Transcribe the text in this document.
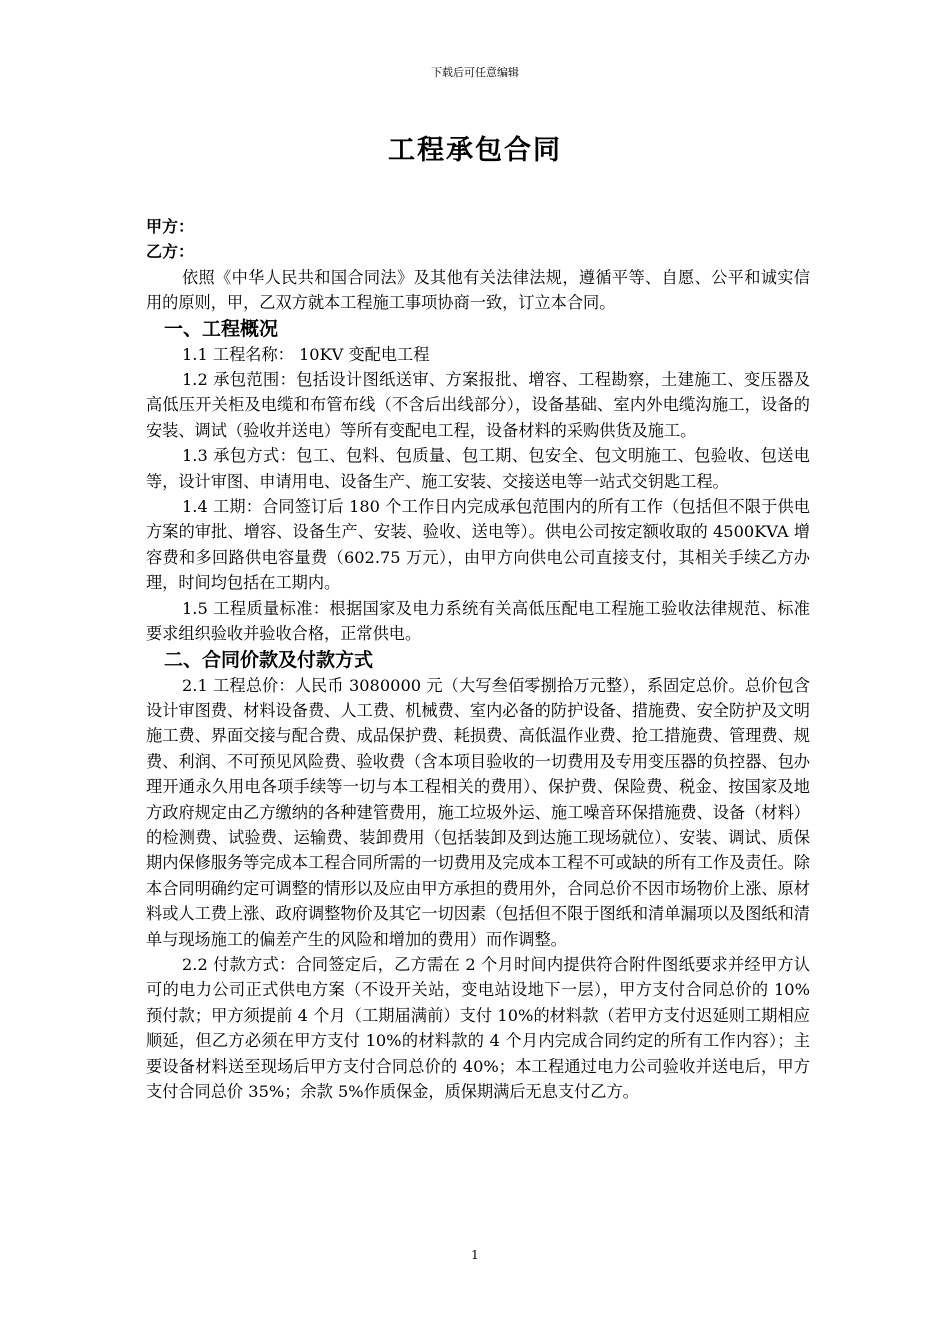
下载后可任意编辑
工程承包合同

甲方：

乙方：

依照《中华人民共和国合同法》及其他有关法律法规，遵循平等、自愿、公平和诚实信用的原则，甲，乙双方就本工程施工事项协商一致，订立本合同。

一、工程概况

1.1 工程名称： 10KV 变配电工程

1.2 承包范围：包括设计图纸送审、方案报批、增容、工程勘察，土建施工、变压器及高低压开关柜及电缆和布管布线（不含后出线部分），设备基础、室内外电缆沟施工，设备的安装、调试（验收并送电）等所有变配电工程，设备材料的采购供货及施工。

1.3 承包方式：包工、包料、包质量、包工期、包安全、包文明施工、包验收、包送电等，设计审图、申请用电、设备生产、施工安装、交接送电等一站式交钥匙工程。

1.4 工期：合同签订后 180 个工作日内完成承包范围内的所有工作（包括但不限于供电方案的审批、增容、设备生产、安装、验收、送电等）。供电公司按定额收取的 4500KVA 增容费和多回路供电容量费（602.75 万元），由甲方向供电公司直接支付，其相关手续乙方办理，时间均包括在工期内。

1.5 工程质量标准：根据国家及电力系统有关高低压配电工程施工验收法律规范、标准要求组织验收并验收合格，正常供电。

二、合同价款及付款方式

2.1 工程总价：人民币 3080000 元（大写叁佰零捌拾万元整），系固定总价。总价包含设计审图费、材料设备费、人工费、机械费、室内必备的防护设备、措施费、安全防护及文明施工费、界面交接与配合费、成品保护费、耗损费、高低温作业费、抢工措施费、管理费、规费、利润、不可预见风险费、验收费（含本项目验收的一切费用及专用变压器的负控器、包办理开通永久用电各项手续等一切与本工程相关的费用）、保护费、保险费、税金、按国家及地方政府规定由乙方缴纳的各种建管费用，施工垃圾外运、施工噪音环保措施费、设备（材料）的检测费、试验费、运输费、装卸费用（包括装卸及到达施工现场就位）、安装、调试、质保期内保修服务等完成本工程合同所需的一切费用及完成本工程不可或缺的所有工作及责任。除本合同明确约定可调整的情形以及应由甲方承担的费用外，合同总价不因市场物价上涨、原材料或人工费上涨、政府调整物价及其它一切因素（包括但不限于图纸和清单漏项以及图纸和清单与现场施工的偏差产生的风险和增加的费用）而作调整。

2.2 付款方式：合同签定后，乙方需在 2 个月时间内提供符合附件图纸要求并经甲方认可的电力公司正式供电方案（不设开关站，变电站设地下一层），甲方支付合同总价的 10%预付款；甲方须提前 4 个月（工期届满前）支付 10%的材料款（若甲方支付迟延则工期相应顺延，但乙方必须在甲方支付 10%的材料款的 4 个月内完成合同约定的所有工作内容）；主要设备材料送至现场后甲方支付合同总价的 40%；本工程通过电力公司验收并送电后，甲方支付合同总价 35%；余款 5%作质保金，质保期满后无息支付乙方。

1
